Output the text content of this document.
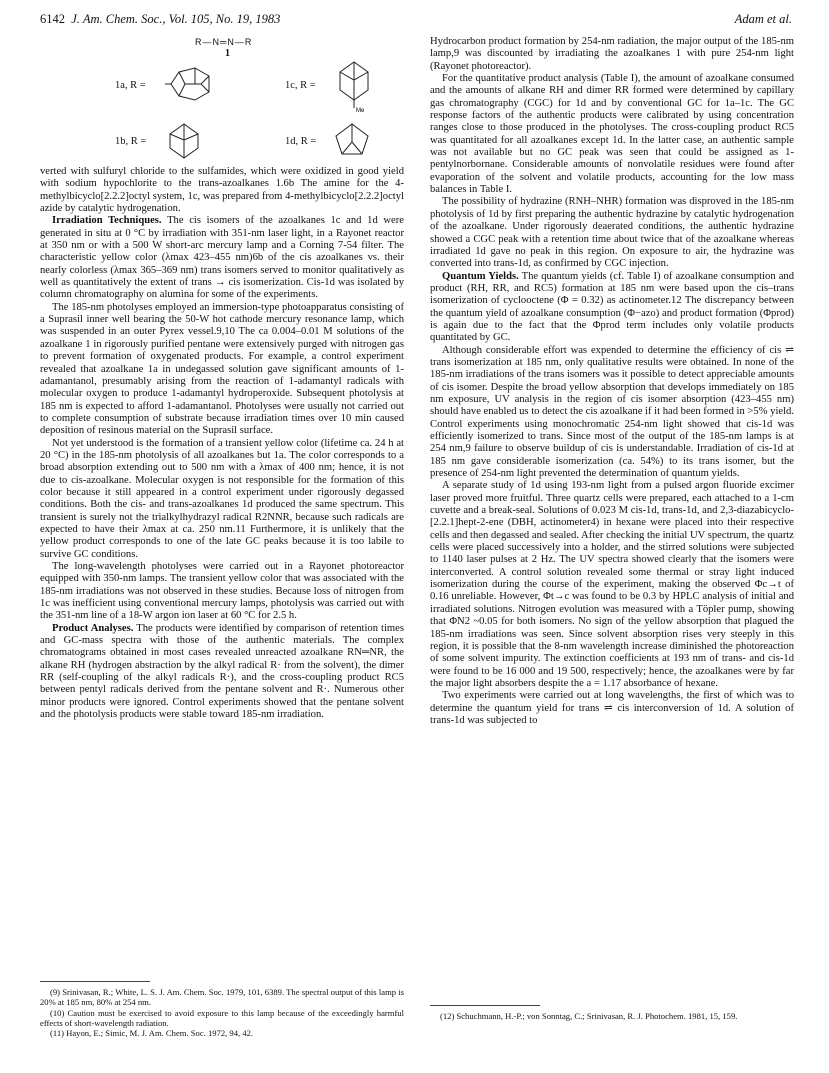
6142 J. Am. Chem. Soc., Vol. 105, No. 19, 1983	Adam et al.
R—N═N—R
1
1a, R =	1c, R =
Me
1b, R =	1d, R =

verted with sulfuryl chloride to the sulfamides, which were oxidized in good yield with sodium hypochlorite to the trans-azoalkanes 1.6b The amine for the 4-methylbicyclo[2.2.2]octyl system, 1c, was prepared from 4-methylbicyclo[2.2.2]octyl azide by catalytic hydrogenation.

Irradiation Techniques. The cis isomers of the azoalkanes 1c and 1d were generated in situ at 0 °C by irradiation with 351-nm laser light, in a Rayonet reactor at 350 nm or with a 500 W short-arc mercury lamp and a Corning 7-54 filter. The characteristic yellow color (λmax 423–455 nm)6b of the cis azoalkanes vs. their nearly colorless (λmax 365–369 nm) trans isomers served to monitor qualitatively as well as quantitatively the extent of trans → cis isomerization. Cis-1d was isolated by column chromatography on alumina for some of the experiments.

The 185-nm photolyses employed an immersion-type photoapparatus consisting of a Suprasil inner well bearing the 50-W hot cathode mercury resonance lamp, which was suspended in an outer Pyrex vessel.9,10 The ca 0.004–0.01 M solutions of the azoalkane 1 in rigorously purified pentane were extensively purged with nitrogen gas to prevent formation of oxygenated products. For example, a control experiment revealed that azoalkane 1a in undegassed solution gave significant amounts of 1-adamantanol, presumably arising from the reaction of 1-adamantyl radicals with molecular oxygen to produce 1-adamantyl hydroperoxide. Subsequent photolysis at 185 nm is expected to afford 1-adamantanol. Photolyses were usually not carried out to complete consumption of substrate because irradiation times over 10 min caused deposition of resinous material on the Suprasil surface.

Not yet understood is the formation of a transient yellow color (lifetime ca. 24 h at 20 °C) in the 185-nm photolysis of all azoalkanes but 1a. The color corresponds to a broad absorption extending out to 500 nm with a λmax of 400 nm; hence, it is not due to cis-azoalkane. Molecular oxygen is not responsible for the formation of this color because it still appeared in a control experiment under rigorously degassed conditions. Both the cis- and trans-azoalkanes 1d produced the same spectrum. This transient is surely not the trialkylhydrazyl radical R2NNR, because such radicals are expected to have their λmax at ca. 250 nm.11 Furthermore, it is unlikely that the yellow product corresponds to one of the late GC peaks because it is too labile to survive GC conditions.

The long-wavelength photolyses were carried out in a Rayonet photoreactor equipped with 350-nm lamps. The transient yellow color that was associated with the 185-nm irradiations was not observed in these studies. Because loss of nitrogen from 1c was inefficient using conventional mercury lamps, photolysis was carried out with the 351-nm line of a 18-W argon ion laser at 60 °C for 2.5 h.

Product Analyses. The products were identified by comparison of retention times and GC-mass spectra with those of the authentic materials. The complex chromatograms obtained in most cases revealed unreacted azoalkane RN═NR, the alkane RH (hydrogen abstraction by the alkyl radical R· from the solvent), the dimer RR (self-coupling of the alkyl radicals R·), and the cross-coupling product RC5 between pentyl radicals derived from the pentane solvent and R·. Numerous other minor products were ignored. Control experiments showed that the pentane solvent and the photolysis products were stable toward 185-nm irradiation.

(9) Srinivasan, R.; White, L. S. J. Am. Chem. Soc. 1979, 101, 6389. The spectral output of this lamp is 20% at 185 nm, 80% at 254 nm.

(10) Caution must be exercised to avoid exposure to this lamp because of the exceedingly harmful effects of short-wavelength radiation.

(11) Hayon, E.; Simic, M. J. Am. Chem. Soc. 1972, 94, 42.

Hydrocarbon product formation by 254-nm radiation, the major output of the 185-nm lamp,9 was discounted by irradiating the azoalkanes 1 with pure 254-nm light (Rayonet photoreactor).

For the quantitative product analysis (Table I), the amount of azoalkane consumed and the amounts of alkane RH and dimer RR formed were determined by capillary gas chromatography (CGC) for 1d and by conventional GC for 1a–1c. The GC response factors of the authentic products were calibrated by using concentration ranges close to those produced in the photolyses. The cross-coupling product RC5 was quantitated for all azoalkanes except 1d. In the latter case, an authentic sample was not available but no GC peak was seen that could be assigned as 1-pentylnorbornane. Considerable amounts of nonvolatile residues were found after evaporation of the solvent and volatile products, accounting for the low mass balances in Table I.

The possibility of hydrazine (RNH–NHR) formation was disproved in the 185-nm photolysis of 1d by first preparing the authentic hydrazine by catalytic hydrogenation of the azoalkane. Under rigorously deaerated conditions, the authentic hydrazine showed a CGC peak with a retention time about twice that of the azoalkane whereas irradiated 1d gave no peak in this region. On exposure to air, the hydrazine was converted into trans-1d, as confirmed by CGC injection.

Quantum Yields. The quantum yields (cf. Table I) of azoalkane consumption and product (RH, RR, and RC5) formation at 185 nm were based upon the cis–trans isomerization of cyclooctene (Φ = 0.32) as actinometer.12 The discrepancy between the quantum yield of azoalkane consumption (Φ−azo) and product formation (Φprod) is again due to the fact that the Φprod term includes only volatile products quantitated by GC.

Although considerable effort was expended to determine the efficiency of cis ⇌ trans isomerization at 185 nm, only qualitative results were obtained. In none of the 185-nm irradiations of the trans isomers was it possible to detect appreciable amounts of cis isomer. Despite the broad yellow absorption that develops immediately on 185 nm exposure, UV analysis in the region of cis isomer absorption (423–455 nm) should have enabled us to detect the cis azoalkane if it had been formed in >5% yield. Control experiments using monochromatic 254-nm light showed that cis-1d was efficiently isomerized to trans. Since most of the output of the 185-nm lamps is at 254 nm,9 failure to observe buildup of cis is understandable. Irradiation of cis-1d at 185 nm gave considerable isomerization (ca. 54%) to its trans isomer, but the presence of 254-nm light prevented the determination of quantum yields.

A separate study of 1d using 193-nm light from a pulsed argon fluoride excimer laser proved more fruitful. Three quartz cells were prepared, each attached to a 1-cm cuvette and a break-seal. Solutions of 0.023 M cis-1d, trans-1d, and 2,3-diazabicyclo-[2.2.1]hept-2-ene (DBH, actinometer4) in hexane were placed into their respective cells and then degassed and sealed. After checking the initial UV spectrum, the quartz cells were placed successively into a holder, and the stirred solutions were subjected to 1140 laser pulses at 2 Hz. The UV spectra showed clearly that the isomers were interconverted. A control solution revealed some thermal or stray light induced isomerization during the course of the experiment, making the observed Φc→t of 0.16 unreliable. However, Φt→c was found to be 0.3 by HPLC analysis of initial and irradiated solutions. Nitrogen evolution was measured with a Töpler pump, showing that ΦN2 ~0.05 for both isomers. No sign of the yellow absorption that plagued the 185-nm irradiations was seen. Since solvent absorption rises very steeply in this region, it is possible that the 8-nm wavelength increase diminished the photoreaction of some solvent impurity. The extinction coefficients at 193 nm of trans- and cis-1d were found to be 16 000 and 19 500, respectively; hence, the azoalkanes were by far the major light absorbers despite the a = 1.17 absorbance of hexane.

Two experiments were carried out at long wavelengths, the first of which was to determine the quantum yield for trans ⇌ cis interconversion of 1d. A solution of trans-1d was subjected to

(12) Schuchmann, H.-P.; von Sonntag, C.; Srinivasan, R. J. Photochem. 1981, 15, 159.
